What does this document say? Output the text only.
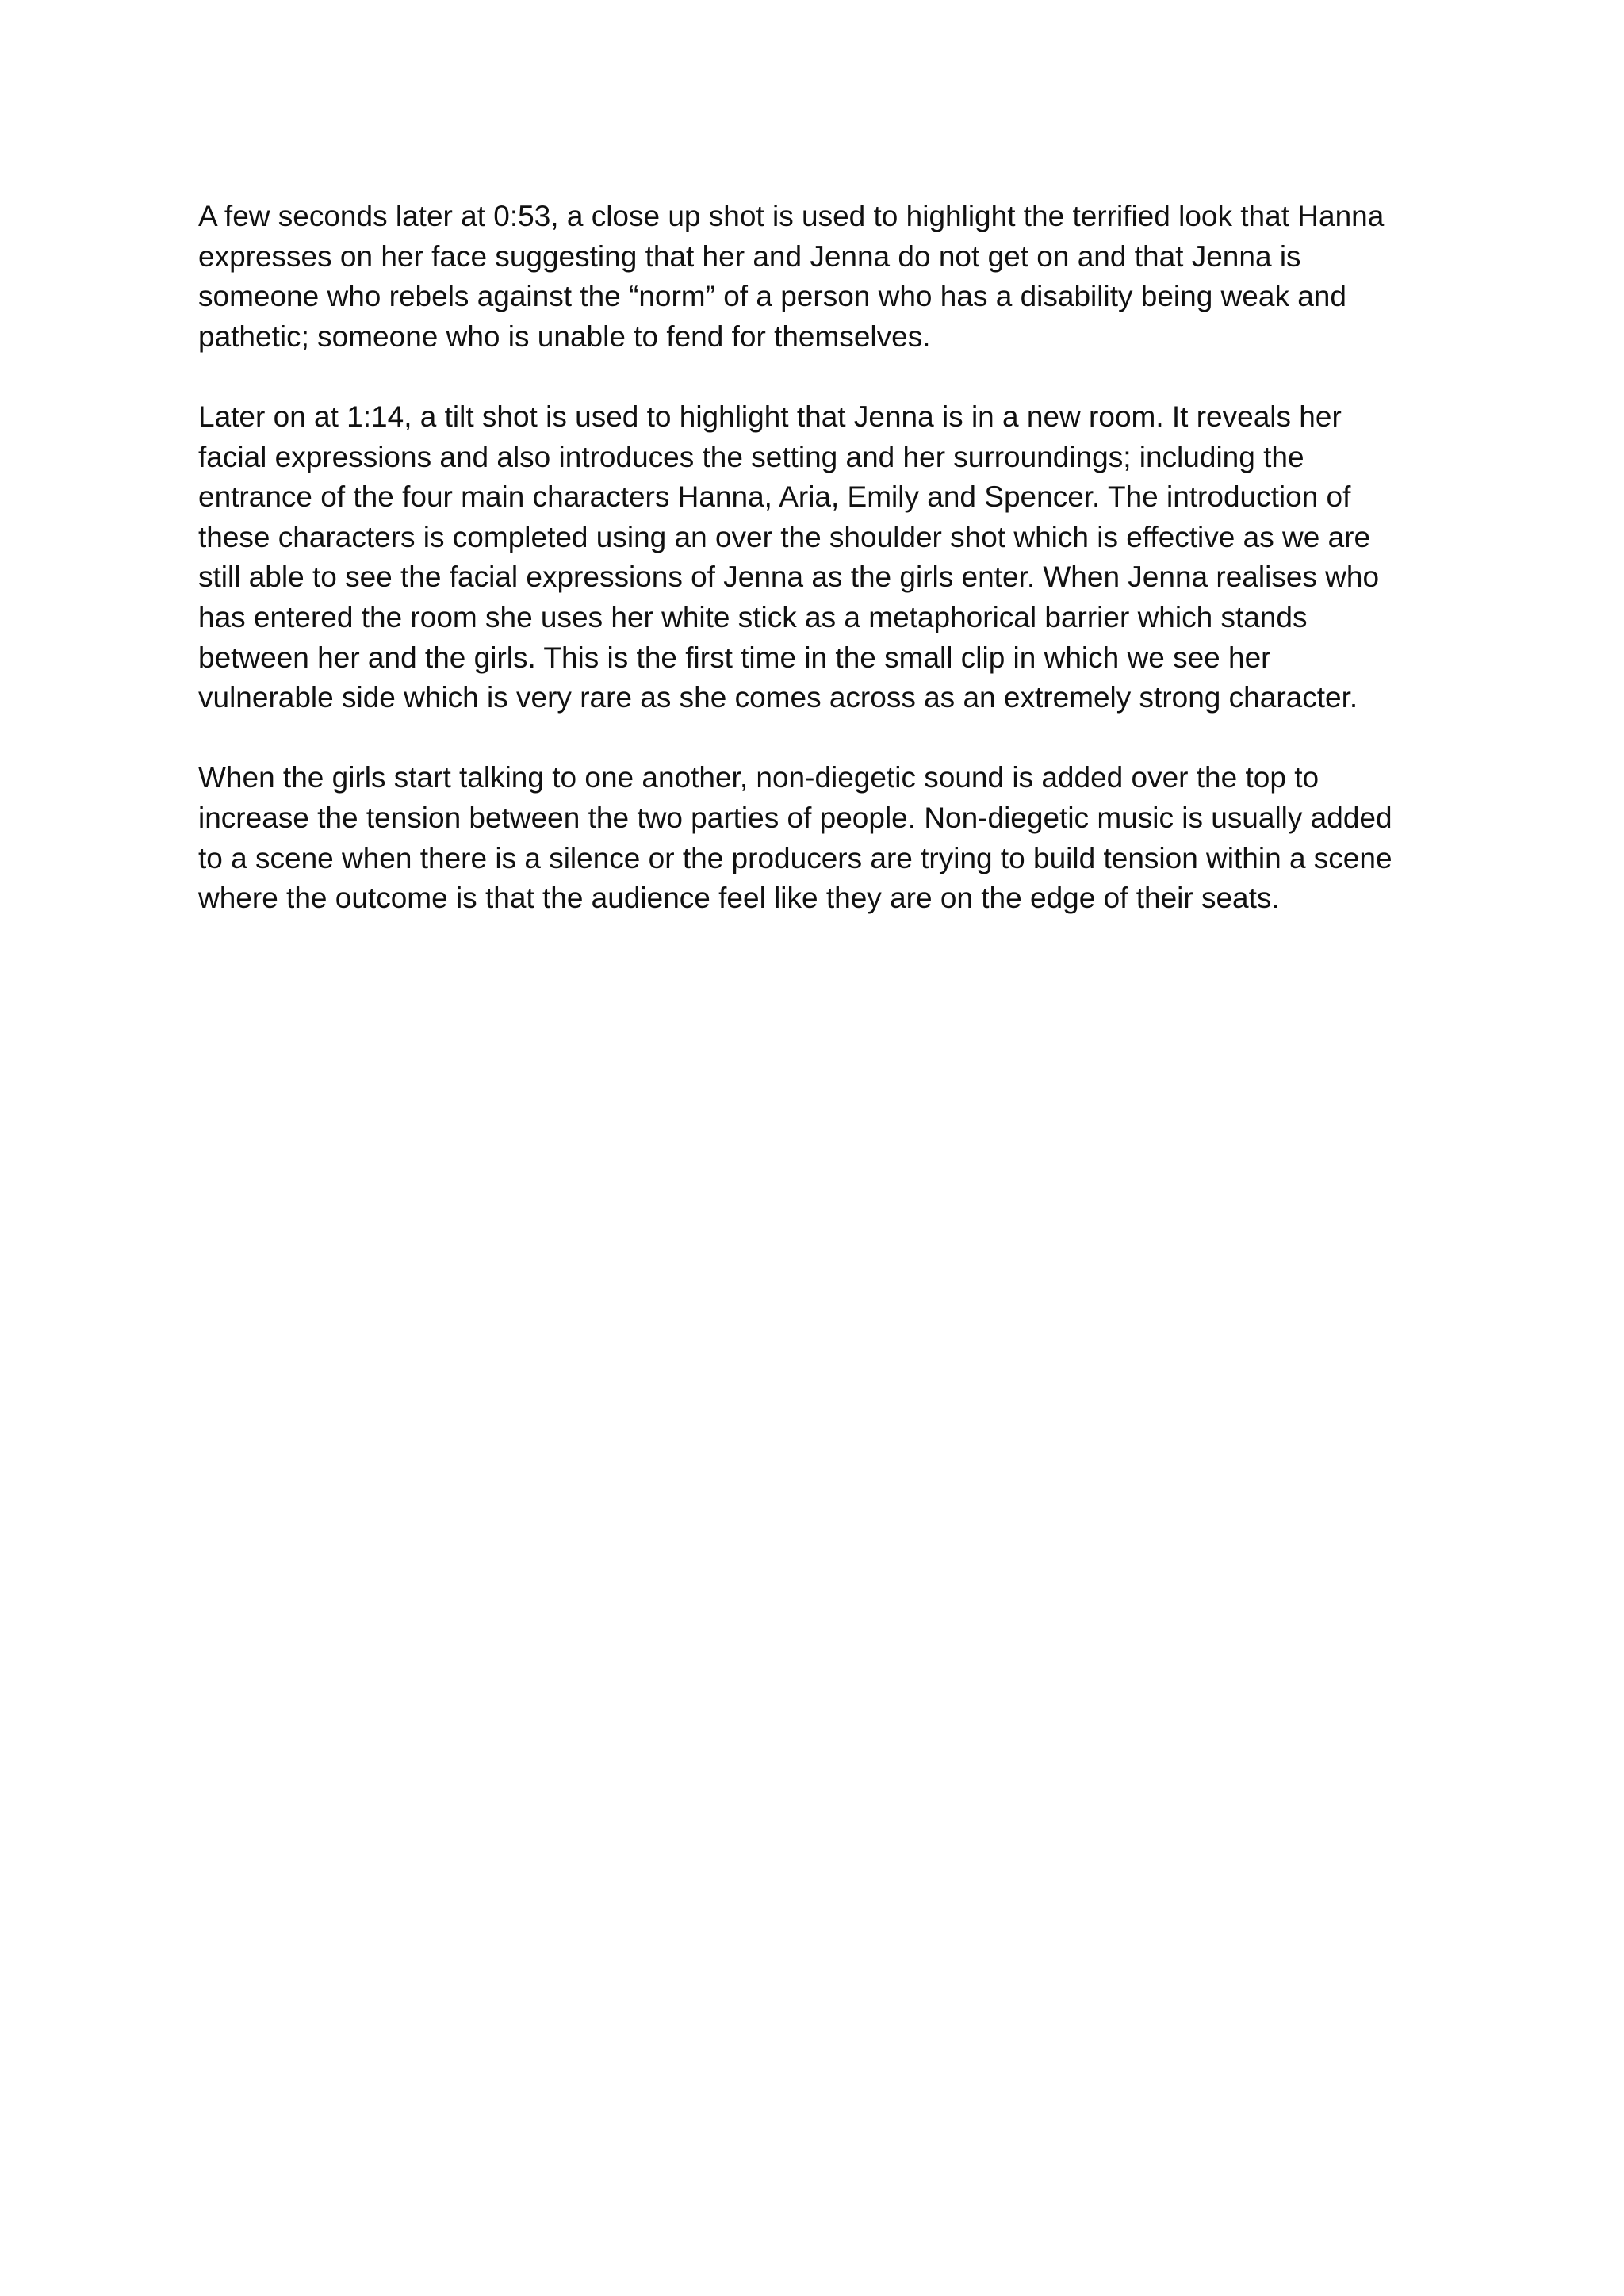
A few seconds later at 0:53, a close up shot is used to highlight the terrified look that Hanna
expresses on her face suggesting that her and Jenna do not get on and that Jenna is
someone who rebels against the “norm” of a person who has a disability being weak and
pathetic; someone who is unable to fend for themselves.
Later on at 1:14, a tilt shot is used to highlight that Jenna is in a new room. It reveals her
facial expressions and also introduces the setting and her surroundings; including the
entrance of the four main characters Hanna, Aria, Emily and Spencer. The introduction of
these characters is completed using an over the shoulder shot which is effective as we are
still able to see the facial expressions of Jenna as the girls enter. When Jenna realises who
has entered the room she uses her white stick as a metaphorical barrier which stands
between her and the girls. This is the first time in the small clip in which we see her
vulnerable side which is very rare as she comes across as an extremely strong character.
When the girls start talking to one another, non-diegetic sound is added over the top to
increase the tension between the two parties of people. Non-diegetic music is usually added
to a scene when there is a silence or the producers are trying to build tension within a scene
where the outcome is that the audience feel like they are on the edge of their seats.
